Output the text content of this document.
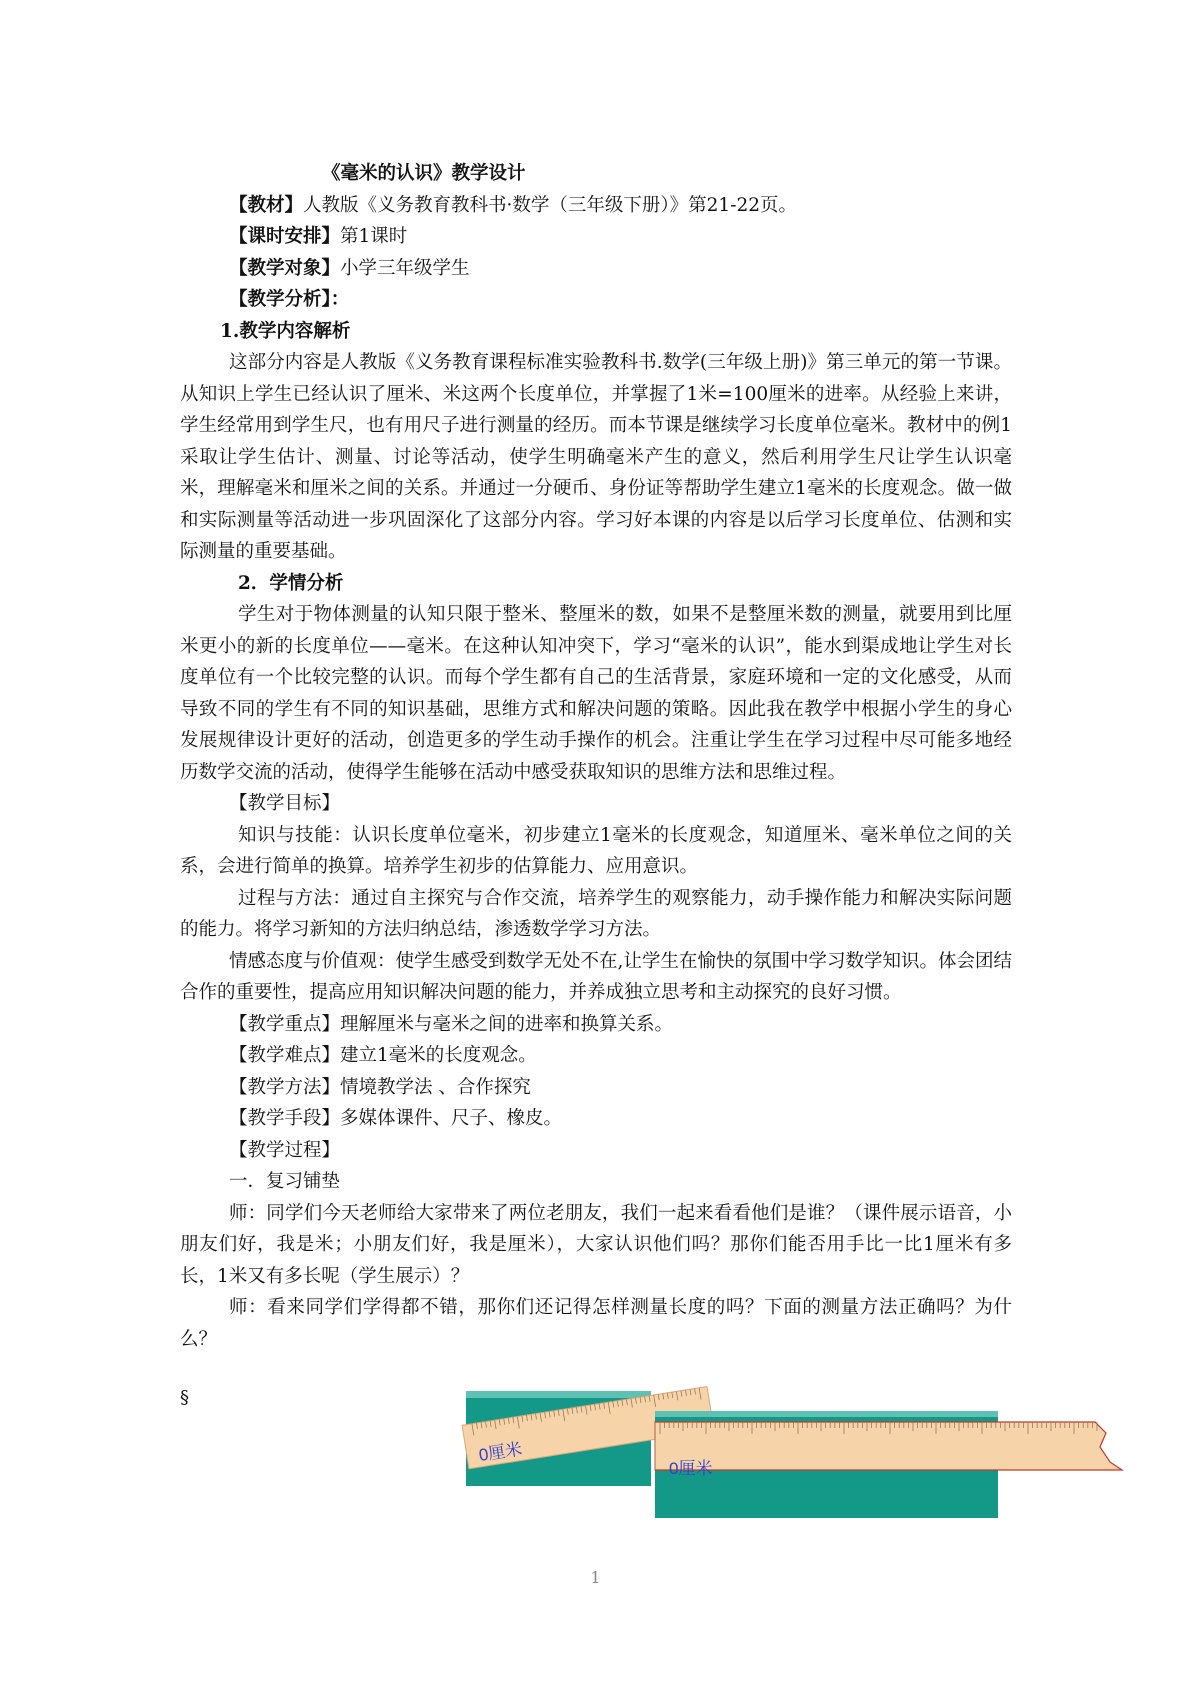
《毫米的认识》教学设计

【教材】人教版《义务教育教科书·数学（三年级下册）》第21-22页。

【课时安排】第1课时

【教学对象】小学三年级学生

【教学分析】：

1.教学内容解析

这部分内容是人教版《义务教育课程标准实验教科书.数学(三年级上册)》第三单元的第一节课。从知识上学生已经认识了厘米、米这两个长度单位，并掌握了1米=100厘米的进率。从经验上来讲，学生经常用到学生尺，也有用尺子进行测量的经历。而本节课是继续学习长度单位毫米。教材中的例1采取让学生估计、测量、讨论等活动，使学生明确毫米产生的意义，然后利用学生尺让学生认识毫米，理解毫米和厘米之间的关系。并通过一分硬币、身份证等帮助学生建立1毫米的长度观念。做一做和实际测量等活动进一步巩固深化了这部分内容。学习好本课的内容是以后学习长度单位、估测和实际测量的重要基础。

2．学情分析

学生对于物体测量的认知只限于整米、整厘米的数，如果不是整厘米数的测量，就要用到比厘米更小的新的长度单位——毫米。在这种认知冲突下，学习“毫米的认识”，能水到渠成地让学生对长度单位有一个比较完整的认识。而每个学生都有自己的生活背景，家庭环境和一定的文化感受，从而导致不同的学生有不同的知识基础，思维方式和解决问题的策略。因此我在教学中根据小学生的身心发展规律设计更好的活动，创造更多的学生动手操作的机会。注重让学生在学习过程中尽可能多地经历数学交流的活动，使得学生能够在活动中感受获取知识的思维方法和思维过程。

【教学目标】

知识与技能：认识长度单位毫米，初步建立1毫米的长度观念，知道厘米、毫米单位之间的关系，会进行简单的换算。培养学生初步的估算能力、应用意识。

过程与方法：通过自主探究与合作交流，培养学生的观察能力，动手操作能力和解决实际问题的能力。将学习新知的方法归纳总结，渗透数学学习方法。

情感态度与价值观：使学生感受到数学无处不在,让学生在愉快的氛围中学习数学知识。体会团结合作的重要性，提高应用知识解决问题的能力，并养成独立思考和主动探究的良好习惯。

【教学重点】理解厘米与毫米之间的进率和换算关系。

【教学难点】建立1毫米的长度观念。

【教学方法】情境教学法 、合作探究

【教学手段】多媒体课件、尺子、橡皮。

【教学过程】

一．复习铺垫

师：同学们今天老师给大家带来了两位老朋友，我们一起来看看他们是谁？（课件展示语音，小朋友们好，我是米；小朋友们好，我是厘米），大家认识他们吗？那你们能否用手比一比1厘米有多长，1米又有多长呢（学生展示）？

师：看来同学们学得都不错，那你们还记得怎样测量长度的吗？下面的测量方法正确吗？为什么？

§
0厘米
0厘米
1
